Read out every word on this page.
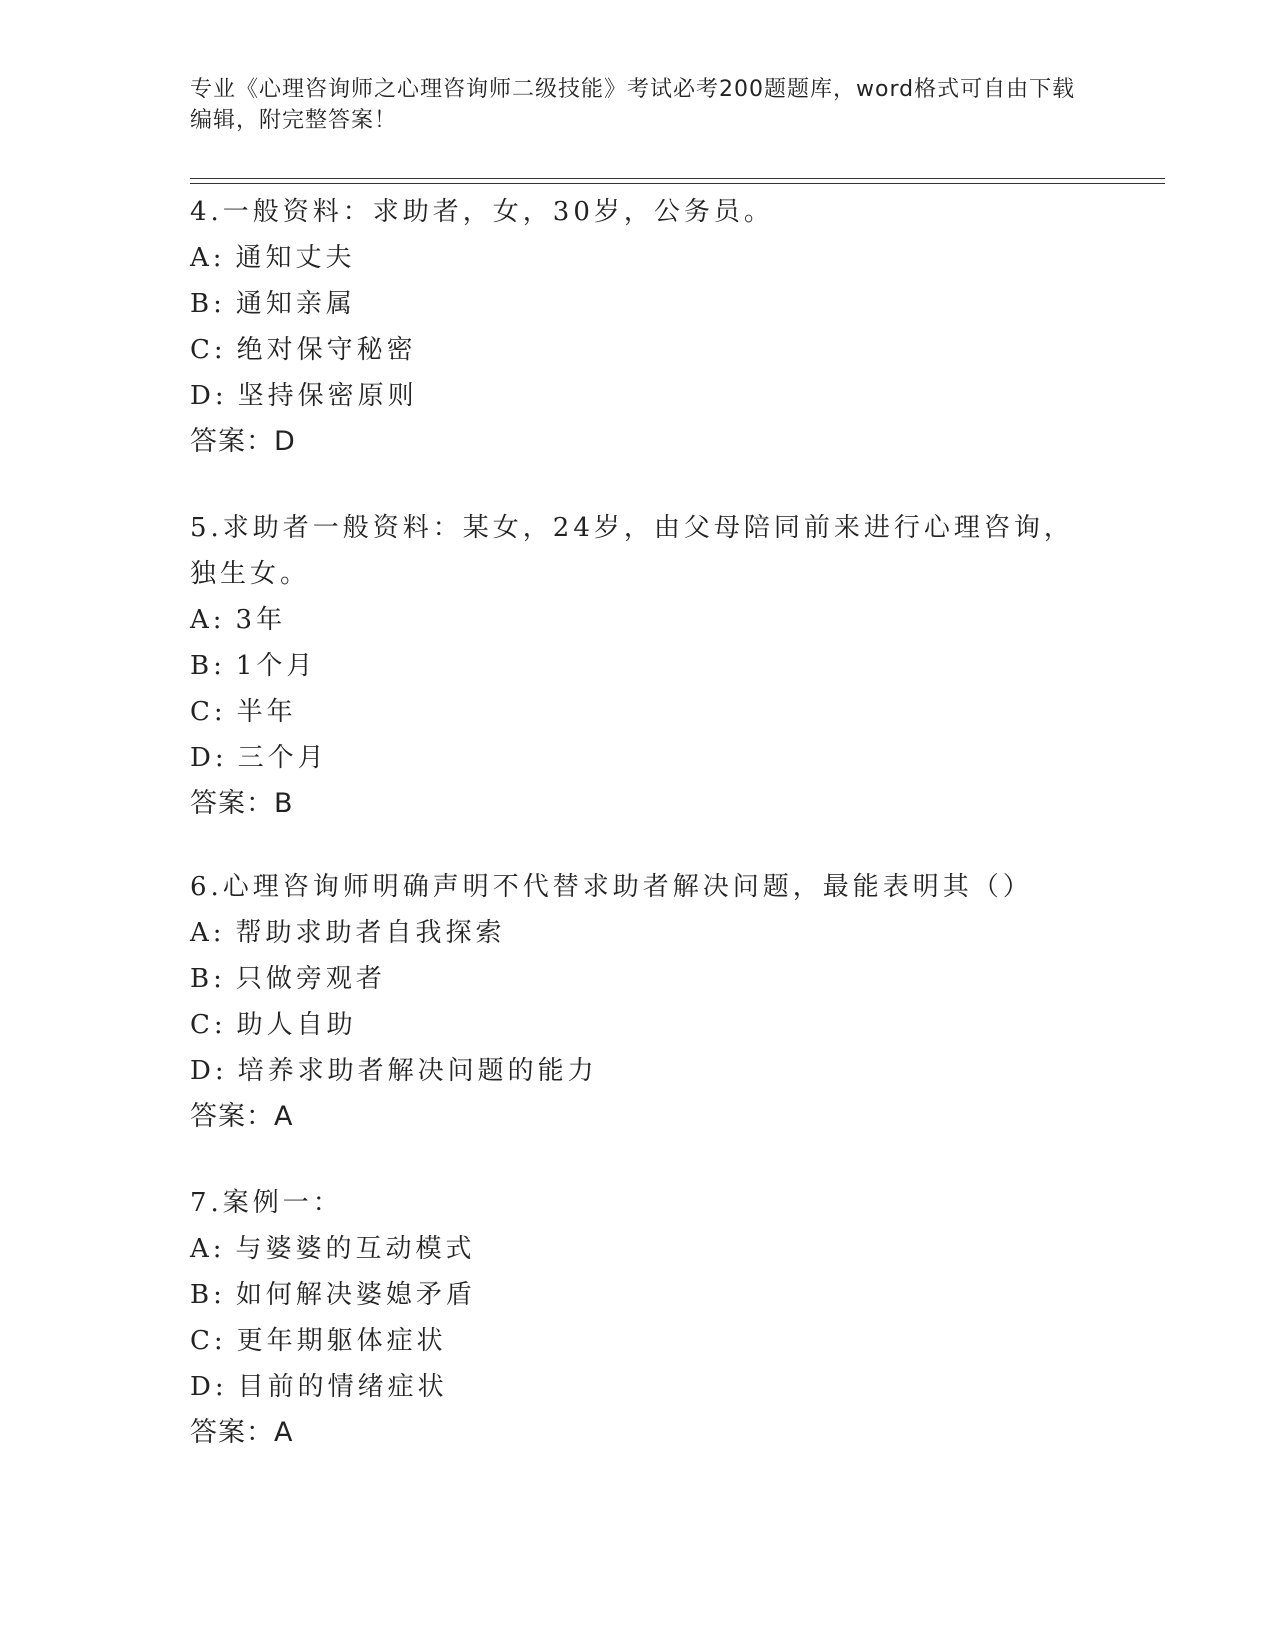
专业《心理咨询师之心理咨询师二级技能》考试必考200题题库，word格式可自由下载编辑，附完整答案！

4.一般资料：求助者，女，30岁，公务员。

A: 通知丈夫

B: 通知亲属

C: 绝对保守秘密

D: 坚持保密原则

答案：D

5.求助者一般资料：某女，24岁，由父母陪同前来进行心理咨询，独生女。

A: 3年

B: 1个月

C: 半年

D: 三个月

答案：B

6.心理咨询师明确声明不代替求助者解决问题，最能表明其（）

A: 帮助求助者自我探索

B: 只做旁观者

C: 助人自助

D: 培养求助者解决问题的能力

答案：A

7.案例一：

A: 与婆婆的互动模式

B: 如何解决婆媳矛盾

C: 更年期躯体症状

D: 目前的情绪症状

答案：A
